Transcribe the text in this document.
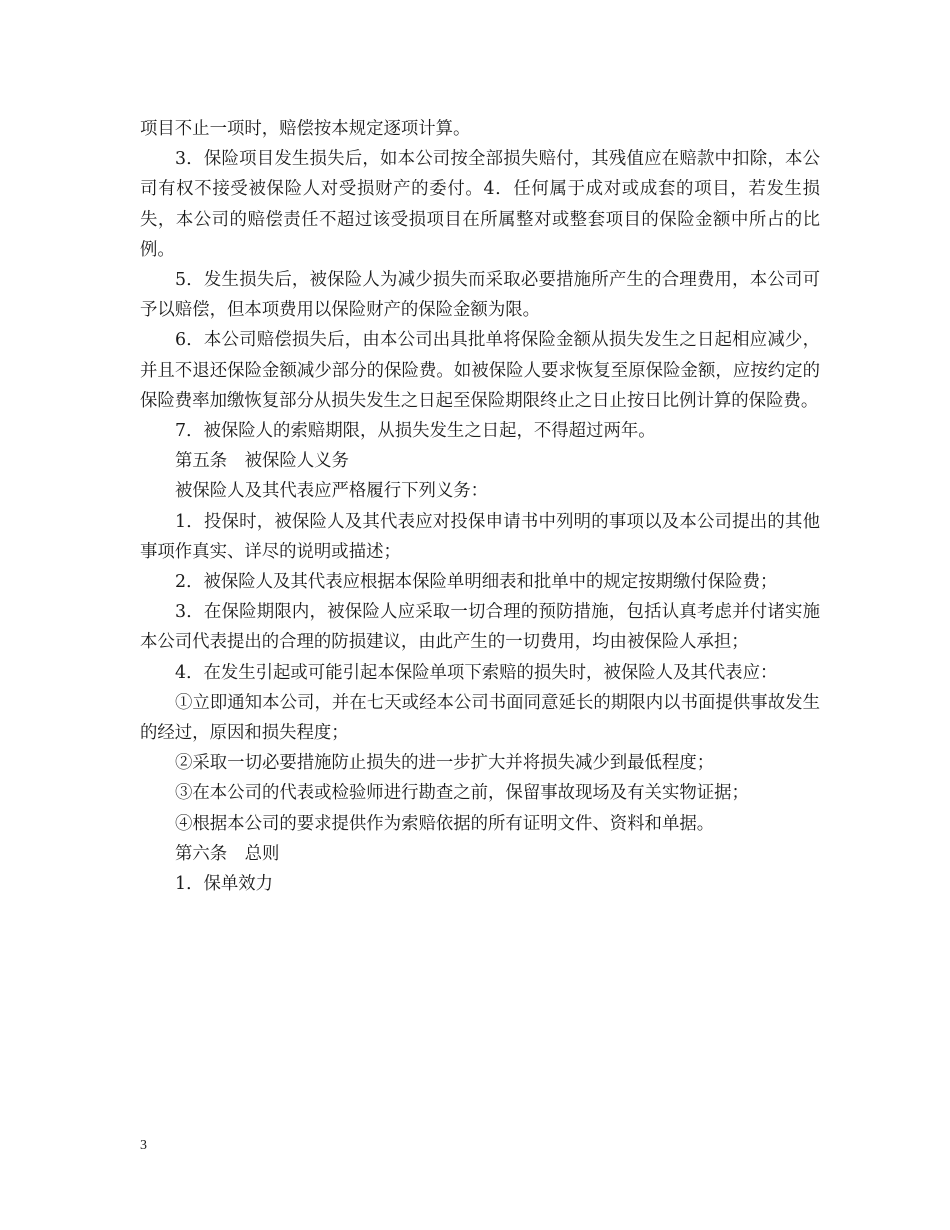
项目不止一项时，赔偿按本规定逐项计算。

3．保险项目发生损失后，如本公司按全部损失赔付，其残值应在赔款中扣除，本公司有权不接受被保险人对受损财产的委付。4．任何属于成对或成套的项目，若发生损失，本公司的赔偿责任不超过该受损项目在所属整对或整套项目的保险金额中所占的比例。

5．发生损失后，被保险人为减少损失而采取必要措施所产生的合理费用，本公司可予以赔偿，但本项费用以保险财产的保险金额为限。

6．本公司赔偿损失后，由本公司出具批单将保险金额从损失发生之日起相应减少，并且不退还保险金额减少部分的保险费。如被保险人要求恢复至原保险金额，应按约定的保险费率加缴恢复部分从损失发生之日起至保险期限终止之日止按日比例计算的保险费。

7．被保险人的索赔期限，从损失发生之日起，不得超过两年。

第五条　被保险人义务

被保险人及其代表应严格履行下列义务：

1．投保时，被保险人及其代表应对投保申请书中列明的事项以及本公司提出的其他事项作真实、详尽的说明或描述；

2．被保险人及其代表应根据本保险单明细表和批单中的规定按期缴付保险费；

3．在保险期限内，被保险人应采取一切合理的预防措施，包括认真考虑并付诸实施本公司代表提出的合理的防损建议，由此产生的一切费用，均由被保险人承担；

4．在发生引起或可能引起本保险单项下索赔的损失时，被保险人及其代表应：

①立即通知本公司，并在七天或经本公司书面同意延长的期限内以书面提供事故发生的经过，原因和损失程度；

②采取一切必要措施防止损失的进一步扩大并将损失减少到最低程度；

③在本公司的代表或检验师进行勘查之前，保留事故现场及有关实物证据；

④根据本公司的要求提供作为索赔依据的所有证明文件、资料和单据。

第六条　总则

1．保单效力

3
